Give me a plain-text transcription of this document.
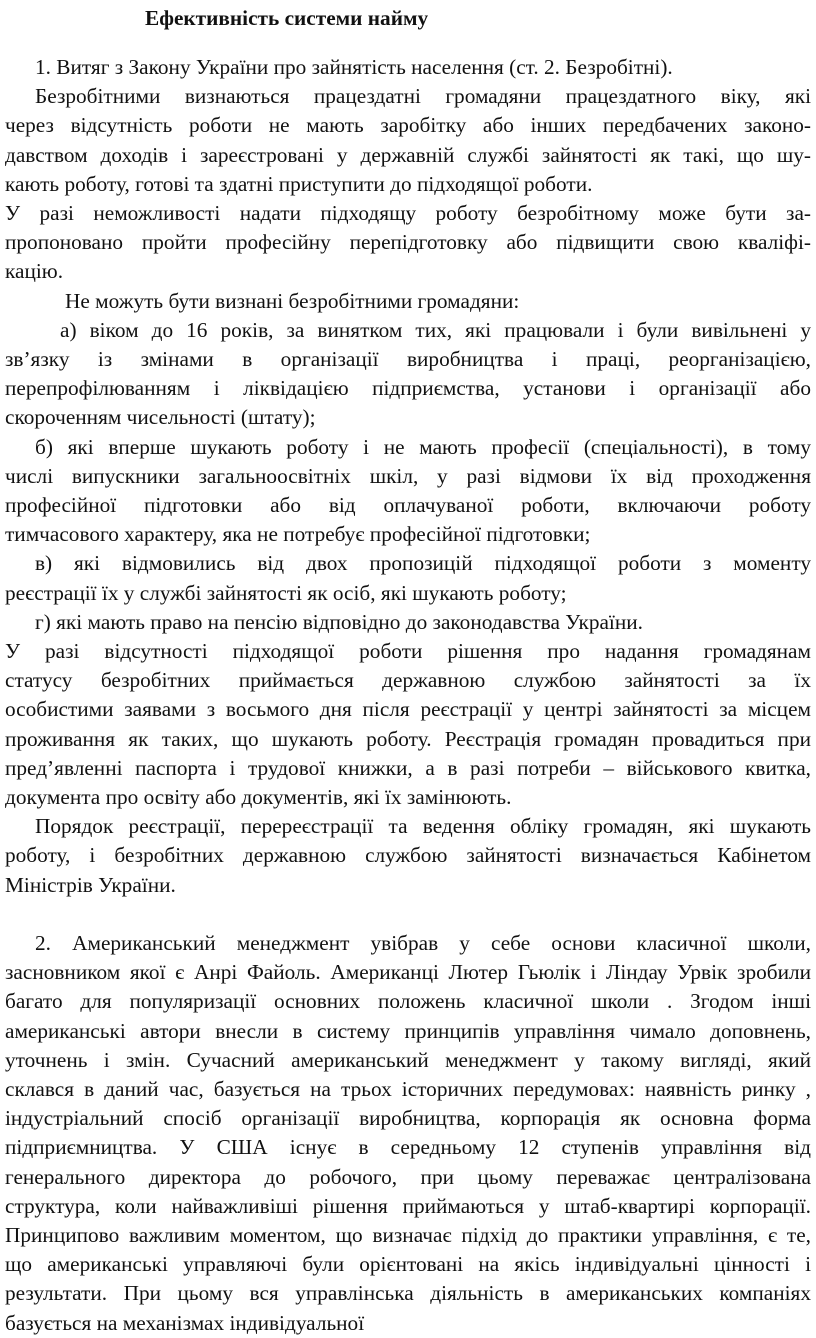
Ефективність системи найму
1. Витяг з Закону України про зайнятість населення (ст. 2. Безробітні).
Безробітними визнаються працездатні громадяни працездатного віку, які
через відсутність роботи не мають заробітку або інших передбачених законо-
давством доходів і зареєстровані у державній службі зайнятості як такі, що шу-
кають роботу, готові та здатні приступити до підходящої роботи.
У разі неможливості надати підходящу роботу безробітному може бути за-
пропоновано пройти професійну перепідготовку або підвищити свою кваліфі-
кацію.
Не можуть бути визнані безробітними громадяни:
а) віком до 16 років, за винятком тих, які працювали і були вивільнені у
зв’язку із змінами в організації виробництва і праці, реорганізацією,
перепрофілюванням і ліквідацією підприємства, установи і організації або
скороченням чисельності (штату);
б) які вперше шукають роботу і не мають професії (спеціальності), в тому
числі випускники загальноосвітніх шкіл, у разі відмови їх від проходження
професійної підготовки або від оплачуваної роботи, включаючи роботу
тимчасового характеру, яка не потребує професійної підготовки;
в) які відмовились від двох пропозицій підходящої роботи з моменту
реєстрації їх у службі зайнятості як осіб, які шукають роботу;
г) які мають право на пенсію відповідно до законодавства України.
У разі відсутності підходящої роботи рішення про надання громадянам
статусу безробітних приймається державною службою зайнятості за їх
особистими заявами з восьмого дня після реєстрації у центрі зайнятості за місцем
проживання як таких, що шукають роботу. Реєстрація громадян провадиться при
пред’явленні паспорта і трудової книжки, а в разі потреби – військового квитка,
документа про освіту або документів, які їх замінюють.
Порядок реєстрації, перереєстрації та ведення обліку громадян, які шукають
роботу, і безробітних державною службою зайнятості визначається Кабінетом
Міністрів України.
2. Американський менеджмент увібрав у себе основи класичної школи,
засновником якої є Анрі Файоль. Американці Лютер Гьюлік і Ліндау Урвік зробили
багато для популяризації основних положень класичної школи . Згодом інші
американські автори внесли в систему принципів управління чимало доповнень,
уточнень і змін. Сучасний американський менеджмент у такому вигляді, який
склався в даний час, базується на трьох історичних передумовах: наявність ринку ,
індустріальний спосіб організації виробництва, корпорація як основна форма
підприємництва. У США існує в середньому 12 ступенів управління від
генерального директора до робочого, при цьому переважає централізована
структура, коли найважливіші рішення приймаються у штаб-квартирі корпорації.
Принципово важливим моментом, що визначає підхід до практики управління, є те,
що американські управляючі були орієнтовані на якісь індивідуальні цінності і
результати. При цьому вся управлінська діяльність в американських компаніях
базується на механізмах індивідуальної
